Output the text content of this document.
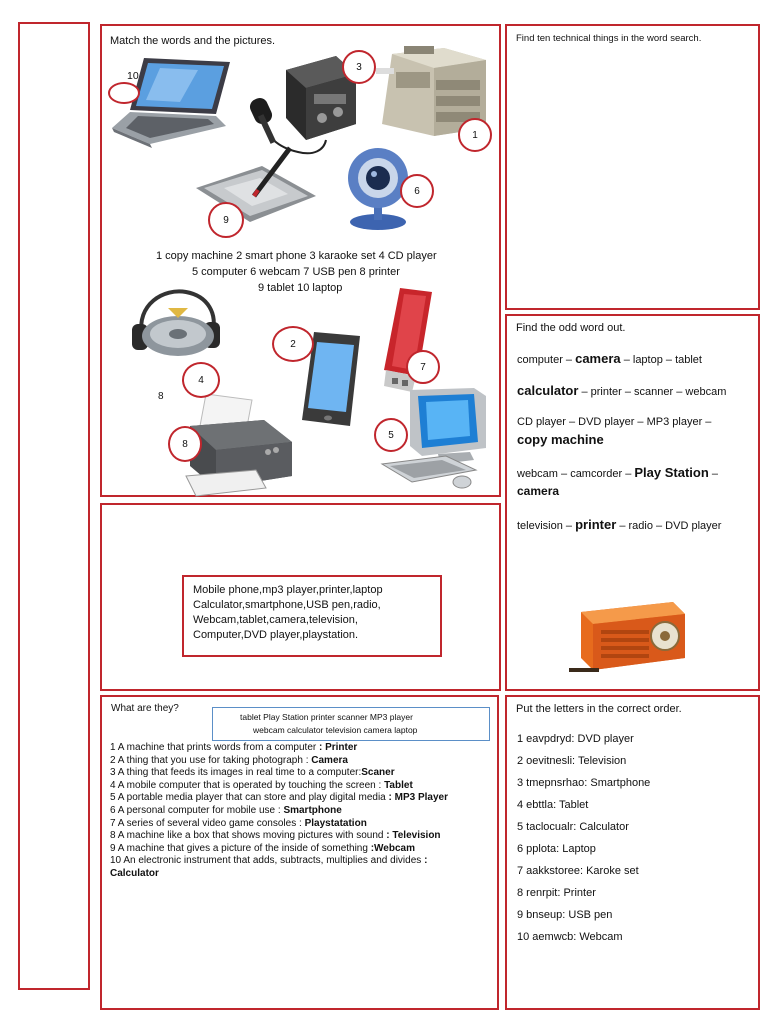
Match the words and the pictures.
10
1 copy machine 2 smart phone 3 karaoke set 4 CD player
5 computer 6 webcam 7 USB pen 8 printer
9 tablet 10 laptop
3
1
6
9
2
7
4
8
5
8
Find ten technical things in the word search.
Find the odd word out.
computer – camera – laptop – tablet
calculator – printer – scanner – webcam
CD player – DVD player – MP3 player –
copy machine
webcam – camcorder – Play Station –
camera
television – printer – radio – DVD player
Mobile phone,mp3 player,printer,laptop
Calculator,smartphone,USB pen,radio,
Webcam,tablet,camera,television,
Computer,DVD player,playstation.
What are they?
tablet Play Station printer scanner MP3 player
webcam calculator television camera laptop
1 A machine that prints words from a computer : Printer
2 A thing that you use for taking photograph : Camera
3 A thing that feeds its images in real time to a computer:Scaner
4 A mobile computer that is operated by touching the screen : Tablet
5 A portable media player that can store and play digital media : MP3 Player
6 A personal computer for mobile use : Smartphone
7 A series of several video game consoles : Playstatation
8 A machine like a box that shows moving pictures with sound : Television
9 A machine that gives a picture of the inside of something :Webcam
10 An electronic instrument that adds, subtracts, multiplies and divides :
Calculator
Put the letters in the correct order.
1 eavpdryd: DVD player
2 oevitnesli: Television
3 tmepnsrhao: Smartphone
4 ebttla: Tablet
5 taclocualr: Calculator
6 pplota: Laptop
7 aakkstoree: Karoke set
8 renrpit: Printer
9 bnseup: USB pen
10 aemwcb: Webcam
